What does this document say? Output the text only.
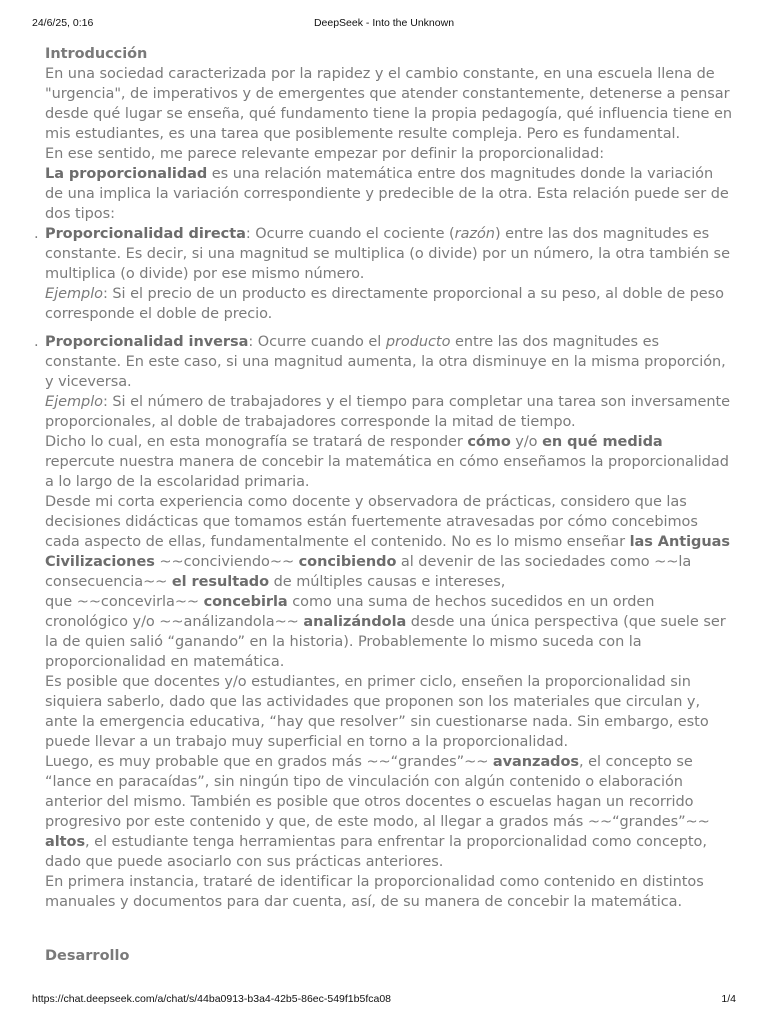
24/6/25, 0:16	DeepSeek - Into the Unknown

Introducción

En una sociedad caracterizada por la rapidez y el cambio constante, en una escuela llena de "urgencia", de imperativos y de emergentes que atender constantemente, detenerse a pensar desde qué lugar se enseña, qué fundamento tiene la propia pedagogía, qué influencia tiene en mis estudiantes, es una tarea que posiblemente resulte compleja. Pero es fundamental.

En ese sentido, me parece relevante empezar por definir la proporcionalidad:

La proporcionalidad es una relación matemática entre dos magnitudes donde la variación de una implica la variación correspondiente y predecible de la otra. Esta relación puede ser de dos tipos:

. Proporcionalidad directa: Ocurre cuando el cociente (razón) entre las dos magnitudes es constante. Es decir, si una magnitud se multiplica (o divide) por un número, la otra también se multiplica (o divide) por ese mismo número.

Ejemplo: Si el precio de un producto es directamente proporcional a su peso, al doble de peso corresponde el doble de precio.

. Proporcionalidad inversa: Ocurre cuando el producto entre las dos magnitudes es constante. En este caso, si una magnitud aumenta, la otra disminuye en la misma proporción, y viceversa.

Ejemplo: Si el número de trabajadores y el tiempo para completar una tarea son inversamente proporcionales, al doble de trabajadores corresponde la mitad de tiempo.

Dicho lo cual, en esta monografía se tratará de responder cómo y/o en qué medida repercute nuestra manera de concebir la matemática en cómo enseñamos la proporcionalidad a lo largo de la escolaridad primaria.

Desde mi corta experiencia como docente y observadora de prácticas, considero que las decisiones didácticas que tomamos están fuertemente atravesadas por cómo concebimos cada aspecto de ellas, fundamentalmente el contenido. No es lo mismo enseñar las Antiguas Civilizaciones ~~conciviendo~~ concibiendo al devenir de las sociedades como ~~la consecuencia~~ el resultado de múltiples causas e intereses,

que ~~concevirla~~ concebirla como una suma de hechos sucedidos en un orden cronológico y/o ~~análizandola~~ analizándola desde una única perspectiva (que suele ser la de quien salió “ganando” en la historia). Probablemente lo mismo suceda con la proporcionalidad en matemática.

Es posible que docentes y/o estudiantes, en primer ciclo, enseñen la proporcionalidad sin siquiera saberlo, dado que las actividades que proponen son los materiales que circulan y, ante la emergencia educativa, “hay que resolver” sin cuestionarse nada. Sin embargo, esto puede llevar a un trabajo muy superficial en torno a la proporcionalidad.

Luego, es muy probable que en grados más ~~“grandes”~~ avanzados, el concepto se “lance en paracaídas”, sin ningún tipo de vinculación con algún contenido o elaboración anterior del mismo. También es posible que otros docentes o escuelas hagan un recorrido progresivo por este contenido y que, de este modo, al llegar a grados más ~~“grandes”~~ altos, el estudiante tenga herramientas para enfrentar la proporcionalidad como concepto, dado que puede asociarlo con sus prácticas anteriores.

En primera instancia, trataré de identificar la proporcionalidad como contenido en distintos manuales y documentos para dar cuenta, así, de su manera de concebir la matemática.

Desarrollo
https://chat.deepseek.com/a/chat/s/44ba0913-b3a4-42b5-86ec-549f1b5fca08	1/4
